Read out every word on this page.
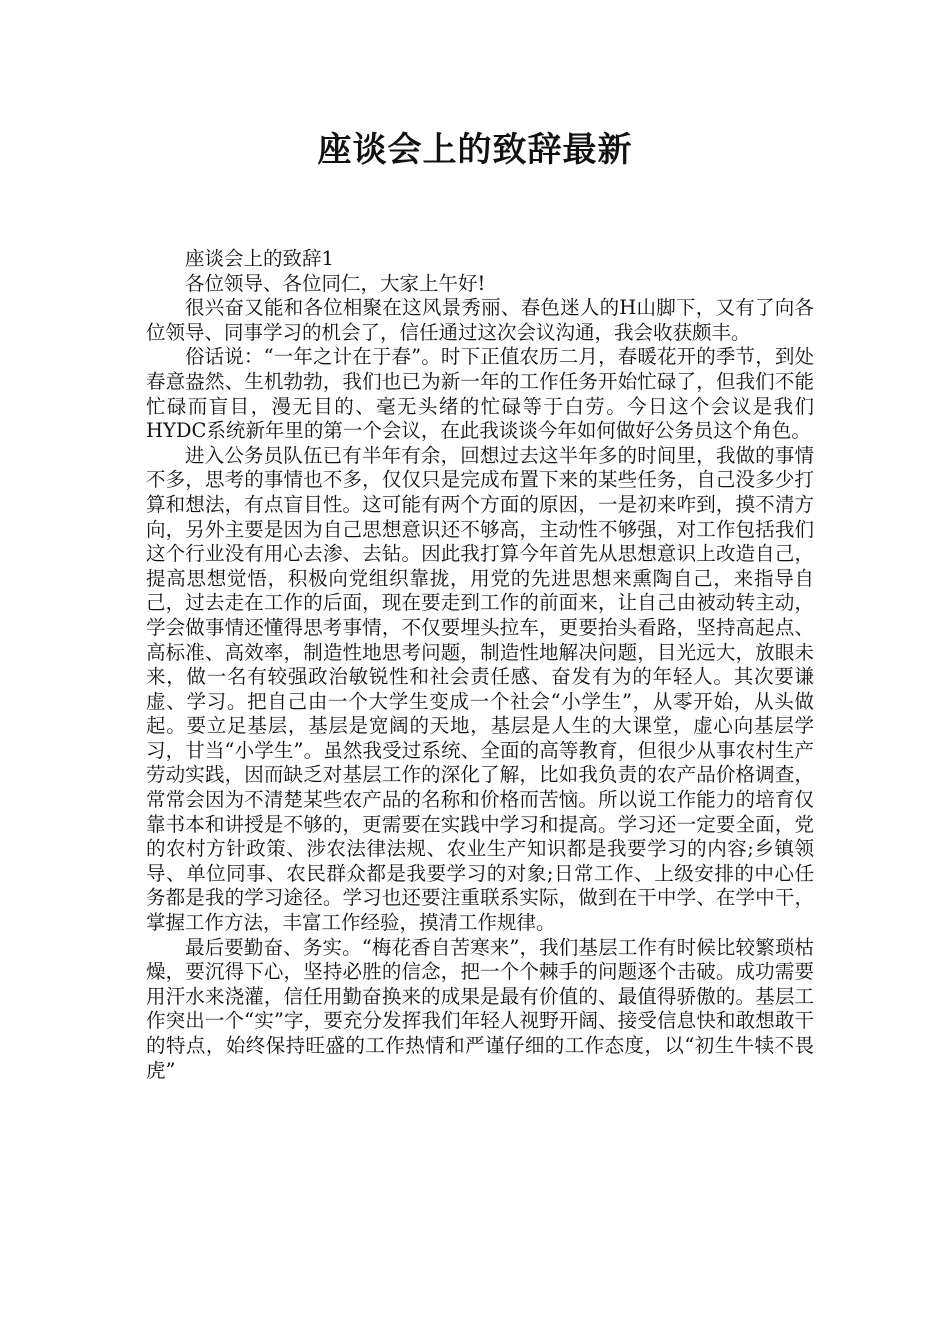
座谈会上的致辞最新

座谈会上的致辞1

各位领导、各位同仁，大家上午好!

很兴奋又能和各位相聚在这风景秀丽、春色迷人的H山脚下，又有了向各位领导、同事学习的机会了，信任通过这次会议沟通，我会收获颇丰。

俗话说：“一年之计在于春”。时下正值农历二月，春暖花开的季节，到处春意盎然、生机勃勃，我们也已为新一年的工作任务开始忙碌了，但我们不能忙碌而盲目，漫无目的、毫无头绪的忙碌等于白劳。今日这个会议是我们HYDC系统新年里的第一个会议，在此我谈谈今年如何做好公务员这个角色。

进入公务员队伍已有半年有余，回想过去这半年多的时间里，我做的事情不多，思考的事情也不多，仅仅只是完成布置下来的某些任务，自己没多少打算和想法，有点盲目性。这可能有两个方面的原因，一是初来咋到，摸不清方向，另外主要是因为自己思想意识还不够高，主动性不够强，对工作包括我们这个行业没有用心去渗、去钻。因此我打算今年首先从思想意识上改造自己，提高思想觉悟，积极向党组织靠拢，用党的先进思想来熏陶自己，来指导自己，过去走在工作的后面，现在要走到工作的前面来，让自己由被动转主动，学会做事情还懂得思考事情，不仅要埋头拉车，更要抬头看路，坚持高起点、高标准、高效率，制造性地思考问题，制造性地解决问题，目光远大，放眼未来，做一名有较强政治敏锐性和社会责任感、奋发有为的年轻人。其次要谦虚、学习。把自己由一个大学生变成一个社会“小学生”，从零开始，从头做起。要立足基层，基层是宽阔的天地，基层是人生的大课堂，虚心向基层学习，甘当“小学生”。虽然我受过系统、全面的高等教育，但很少从事农村生产劳动实践，因而缺乏对基层工作的深化了解，比如我负责的农产品价格调查，常常会因为不清楚某些农产品的名称和价格而苦恼。所以说工作能力的培育仅靠书本和讲授是不够的，更需要在实践中学习和提高。学习还一定要全面，党的农村方针政策、涉农法律法规、农业生产知识都是我要学习的内容;乡镇领导、单位同事、农民群众都是我要学习的对象;日常工作、上级安排的中心任务都是我的学习途径。学习也还要注重联系实际，做到在干中学、在学中干，掌握工作方法，丰富工作经验，摸清工作规律。

最后要勤奋、务实。“梅花香自苦寒来”，我们基层工作有时候比较繁琐枯燥，要沉得下心，坚持必胜的信念，把一个个棘手的问题逐个击破。成功需要用汗水来浇灌，信任用勤奋换来的成果是最有价值的、最值得骄傲的。基层工作突出一个“实”字，要充分发挥我们年轻人视野开阔、接受信息快和敢想敢干的特点，始终保持旺盛的工作热情和严谨仔细的工作态度，以“初生牛犊不畏虎”
